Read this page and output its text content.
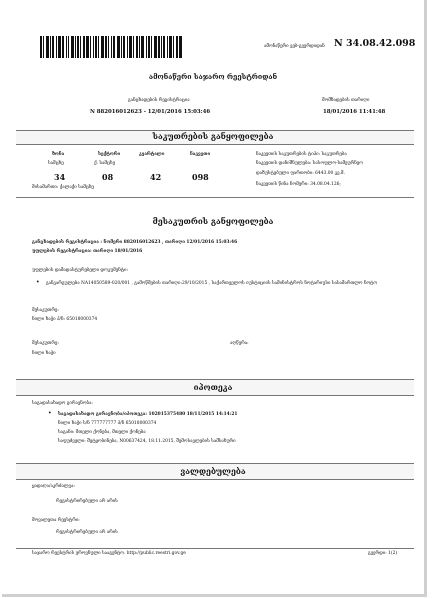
ამონაწერი ვებ-გვერდიდან N 34.08.42.098
ამონაწერი საჯარო რეესტრიდან
განცხადების რეგისტრაცია
N 882016012623 - 12/01/2016 15:03:46
მომზადების თარიღი
18/01/2016 11:41:48
საკუთრების განყოფილება
ზონა	სექტორი	კვარტალი	ნაკვეთი
სამცხე	ქ. სამცხე
34	08	42	098
ნაკვეთის საკუთრების ტიპი: საკუთრება
ნაკვეთის დანიშნულება: სასოფლო-სამეურნეო
დაზუსტებული ფართობი: 6443.00 კვ.მ.
ნაკვეთის წინა ნომერი: 34.08.04.126;
მისამართი: ქალაქი სამცხე
მესაკუთრის განყოფილება
განცხადების რეგისტრაცია : ნომერი 882016012623 , თარიღი 12/01/2016 15:03:46
უფლების რეგისტრაცია: თარიღი 18/01/2016
უფლების დამადასტურებელი დოკუმენტი:
• განკარგულება NA14050589-020/001 , გამოწმების თარიღი:29/10/2015 , საქართველოს იუსტიციის სამინისტროს ნოტარიუსი სასამართლო ნოტო
მესაკუთრე:
ნილი ხაჭი პ/ნ: 65018000374
მესაკუთრე:	აღწერა:
ნილი ხაჭი
იპოთეკა
საგადასახადო გირავნობა:
• საგადასახადო გირავნობა/იპოთეკა: 102015375480 18/11/2015 14:14:21
ნილი ხაჭი ს/ნ 777777777 პ/ნ 65018000374
საგანი: მთელი ქონება, მთელი ქონება
საფუძველი: შეტყობინება, N00637424, 18.11.2015, შემოსავლების სამსახური
ვალდებულება
ყადაღა/აკრძალვა:
რეგისტრირებული არ არის
მოვალეთა რეესტრი:
რეგისტრირებული არ არის
საჯარო რეესტრის ეროვნული სააგენტო. http://public.reestri.gov.ge	გვერდი: 1(2)
